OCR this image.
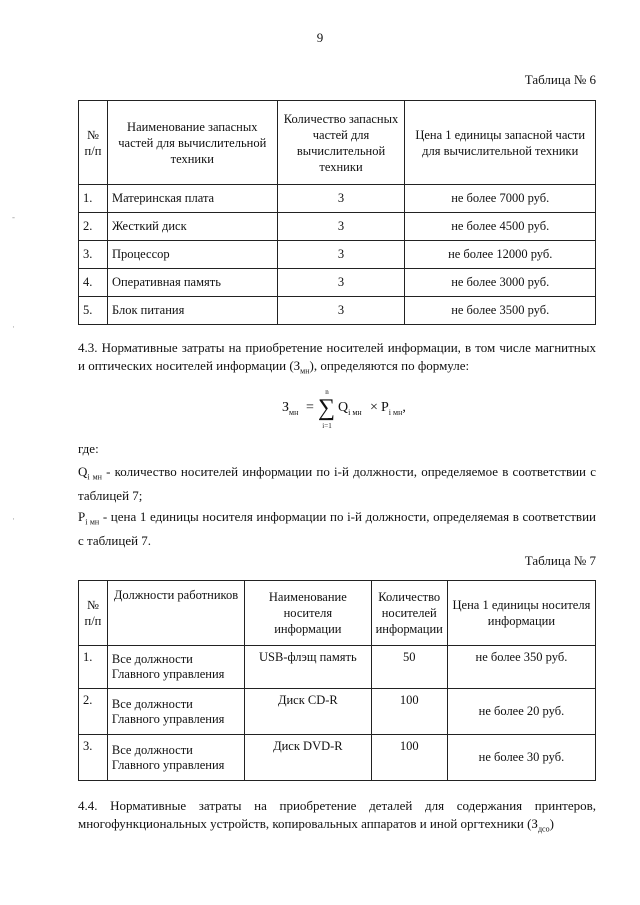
9
-
·
·
Таблица № 6
№ п/п	Наименование запасных частей для вычислительной техники	Количество запасных частей для вычислительной техники	Цена 1 единицы запасной части для вычислительной техники
1.	Материнская плата	3	не более 7000 руб.
2.	Жесткий диск	3	не более 4500 руб.
3.	Процессор	3	не более 12000 руб.
4.	Оперативная память	3	не более 3000 руб.
5.	Блок питания	3	не более 3500 руб.
4.3. Нормативные затраты на приобретение носителей информации, в том числе магнитных и оптических носителей информации $(З_{мн})$, определяются по формуле:
$З_{мн}$ =
n
∑
i=1
$Q_{i мн} \times P_{i мн}$,
где:
$Q_{i мн}$ - количество носителей информации по i-й должности, определяемое в соответствии с таблицей 7;
$P_{i мн}$ - цена 1 единицы носителя информации по i-й должности, определяемая в соответствии с таблицей 7.
Таблица № 7
№ п/п	Должности работников	Наименование носителя информации	Количество носителей информации	Цена 1 единицы носителя информации
1.	Все должности Главного управления	USB-флэщ память	50	не более 350 руб.
2.	Все должности Главного управления	Диск CD-R	100	не более 20 руб.
3.	Все должности Главного управления	Диск DVD-R	100	не более 30 руб.
4.4. Нормативные затраты на приобретение деталей для содержания принтеров, многофункциональных устройств, копировальных аппаратов и иной оргтехники $(З_{дсо})$
